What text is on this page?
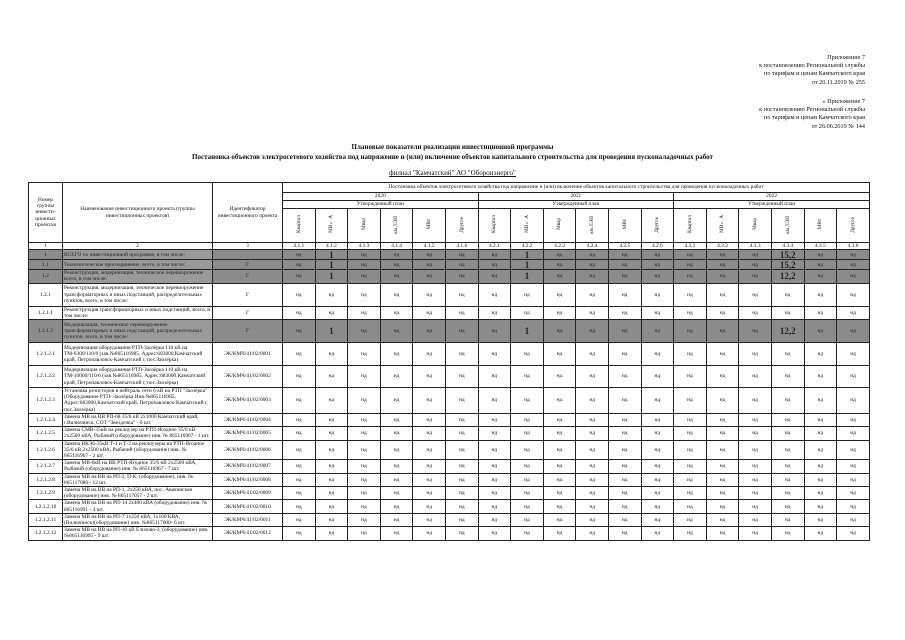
Приложение 7
к постановлению Региональной службы
по тарифам и ценам Камчатского края
от 20.11.2019 № 255
« Приложение 7
к постановлению Региональной службы
по тарифам и ценам Камчатского края
от 26.06.2019 № 144
Плановые показатели реализации инвестиционной программы
Постановка объектов электросетевого хозяйства под напряжение и (или) включение объектов капитального строительства для проведения пусконаладочных работ
филиал "Камчатский" АО "Оборонэнерго"
Номер группы инвести-ционных проектов	Наименование инвестиционного проекта (группы инвестиционных проектов)	Идентификатор инвестиционного проекта	Постановка объектов электросетевого хозяйства под напряжение и (или) включение объектов капитального строительства для проведения пусконаладочных работ																	
			2020						2021						2022					
			Утвержденный план						Утвержденный план						Утвержденный план					
			Квартал	МВ×А	Мвар	км ЛЭП	МВт	Другое	Квартал	МВ×А	Мвар	км ЛЭП	МВт	Другое	Квартал	МВ×А	Мвар	км ЛЭП	МВт	Другое
1	2	3	4.1.1	4.1.2	4.1.3	4.1.4	4.1.5	4.1.6	4.2.1	4.2.2	4.2.3	4.2.4	4.2.5	4.2.6	4.3.1	4.3.2	4.3.3	4.3.4	4.3.5	4.3.6
1	ВСЕГО по инвестиционной программе, в том числе:		нд	1	нд	нд	нд	нд	нд	1	нд	нд	нд	нд	нд	нд	нд	15,2	нд	нд
1.1	Технологическое присоединение, всего, в том числе:	Г	нд	1	нд	нд	нд	нд	нд	1	нд	нд	нд	нд	нд	нд	нд	15,2	нд	нд
1.2	Реконструкция, модернизация, техническое перевооружение всего, в том числе:	Г	нд	1	нд	нд	нд	нд	нд	1	нд	нд	нд	нд	нд	нд	нд	12,2	нд	нд
1.2.1	Реконструкция, модернизация, техническое перевооружение трансформаторных и иных подстанций, распределительных пунктов, всего, в том числе:	Г	нд	нд	нд	нд	нд	нд	нд	нд	нд	нд	нд	нд	нд	нд	нд	нд	нд	нд
1.2.1.1	Реконструкция трансформаторных и иных подстанций, всего, в том числе:	Г	нд	нд	нд	нд	нд	нд	нд	нд	нд	нд	нд	нд	нд	нд	нд	нд	нд	нд
1.2.1.2	Модернизация, техническое перевооружение трансформаторных и иных подстанций, распределительных пунктов, всего, в том числе:	Г	нд	1	нд	нд	нд	нд	нд	1	нд	нд	нд	нд	нд	нд	нд	12,2	нд	нд
1.2.1.2.1	Модернизация оборудования РТП-Заозёрка 110 кВ на ТМ-6300/110/6 (зав.№865116985, Адрес:683000,Камчатский край, Петропавловск-Камчатский г, пос.Заозёрка)	ЭК/КМЧ/41/02/0001	нд	нд	нд	нд	нд	нд	нд	нд	нд	нд	нд	нд	нд	нд	нд	нд	нд	нд
1.2.1.2.2	Модернизация оборудования РТП-Заозёрка 110 кВ на ТМ-10000/110/6 (зав.№865116985, Адрес:683000,Камчатский край, Петропавловск-Камчатский г, пос.Заозёрка)	ЭК/КМЧ/41/02/0002	нд	нд	нд	нд	нд	нд	нд	нд	нд	нд	нд	нд	нд	нд	нд	нд	нд	нд
1.2.1.2.3	Установка резисторов в нейтраль сети 6 кВ на РТП "Заозёрка" (Оборудование РТП- Заозёрка Инв.№865116985, Адрес:683000,Камчатский край, Петропавловск-Камчатский г, пос.Заозёрка)	ЭК/КМЧ/41/02/0003	нд	нд	нд	нд	нд	нд	нд	нд	нд	нд	нд	нд	нд	нд	нд	нд	нд	нд
1.2.1.2.4	Замена МВ на ВВ РП-68 35/6 кВ 2х1000 Камчатский край, г.Вилючинск, СОТ "Звездочка" - 6 шт.	ЭК/КМЧ/41/02/0004	нд	нд	нд	нд	нд	нд	нд	нд	нд	нд	нд	нд	нд	нд	нд	нд	нд	нд
1.2.1.2.5	Замена СМВ-35кВ на реклоузер на РТП-Ягодное 35/6 кВ 2х2500 кВА, Рыбачий (оборудование) инв. № 865116967 - 1 шт.	ЭК/КМЧ/41/02/0005	нд	нд	нд	нд	нд	нд	нд	нд	нд	нд	нд	нд	нд	нд	нд	нд	нд	нд
1.2.1.2.6	Замена ВКЭ6-35кВ Т-1 и Т-2 на реклоузеры на РТП-Ягодное 35/6 кВ 2х2500 кВА, Рыбачий (оборудование) инв. № 865116967 - 2 шт.	ЭК/КМЧ/41/02/0006	нд	нд	нд	нд	нд	нд	нд	нд	нд	нд	нд	нд	нд	нд	нд	нд	нд	нд
1.2.1.2.7	Замена МВ-6кВ на ВВ РТП-Ягодное 35/6 кВ 2х2500 кВА, Рыбачий (оборудование) инв. № 865116967 - 7 шт.	ЭК/КМЧ/41/02/0007	нд	нд	нд	нд	нд	нд	нд	нд	нд	нд	нд	нд	нд	нд	нд	нд	нд	нд
1.2.1.2.8	Замена МВ на ВВ на РП-3, П-К, (оборудование), инв. № 865117086 - 12 шт.	ЭК/КМЧ/41/02/0008	нд	нд	нд	нд	нд	нд	нд	нд	нд	нд	нд	нд	нд	нд	нд	нд	нд	нд
1.2.1.2.9	Замена МВ на ВВ на РП-1, 2х250 кВА, пос. Авачинская (оборудование) инв. № 865117057 - 2 шт.	ЭК/КМЧ/41/02/0009	нд	нд	нд	нд	нд	нд	нд	нд	нд	нд	нд	нд	нд	нд	нд	нд	нд	нд
1.2.1.2.10	Замена МВ на ВВ на РП-14 2х400 кВА (оборудование) инв. № 865116991 - 4 шт.	ЭК/КМЧ/41/02/0010	нд	нд	нд	нд	нд	нд	нд	нд	нд	нд	нд	нд	нд	нд	нд	нд	нд	нд
1.2.1.2.11	Замена МВ на ВВ на РП-7 1х250 кВА, 1х160 КВА, (Вилючинск)(оборудование) инв. №865117000- 6 шт.	ЭК/КМЧ/41/02/0011	нд	нд	нд	нд	нд	нд	нд	нд	нд	нд	нд	нд	нд	нд	нд	нд	нд	нд
1.2.1.2.12	Замена МВ на ВВ на РП-10 кВ Елизово-3, (оборудование) инв. №865116995 - 9 шт.	ЭК/КМЧ/41/02/0012	нд	нд	нд	нд	нд	нд	нд	нд	нд	нд	нд	нд	нд	нд	нд	нд	нд	нд
